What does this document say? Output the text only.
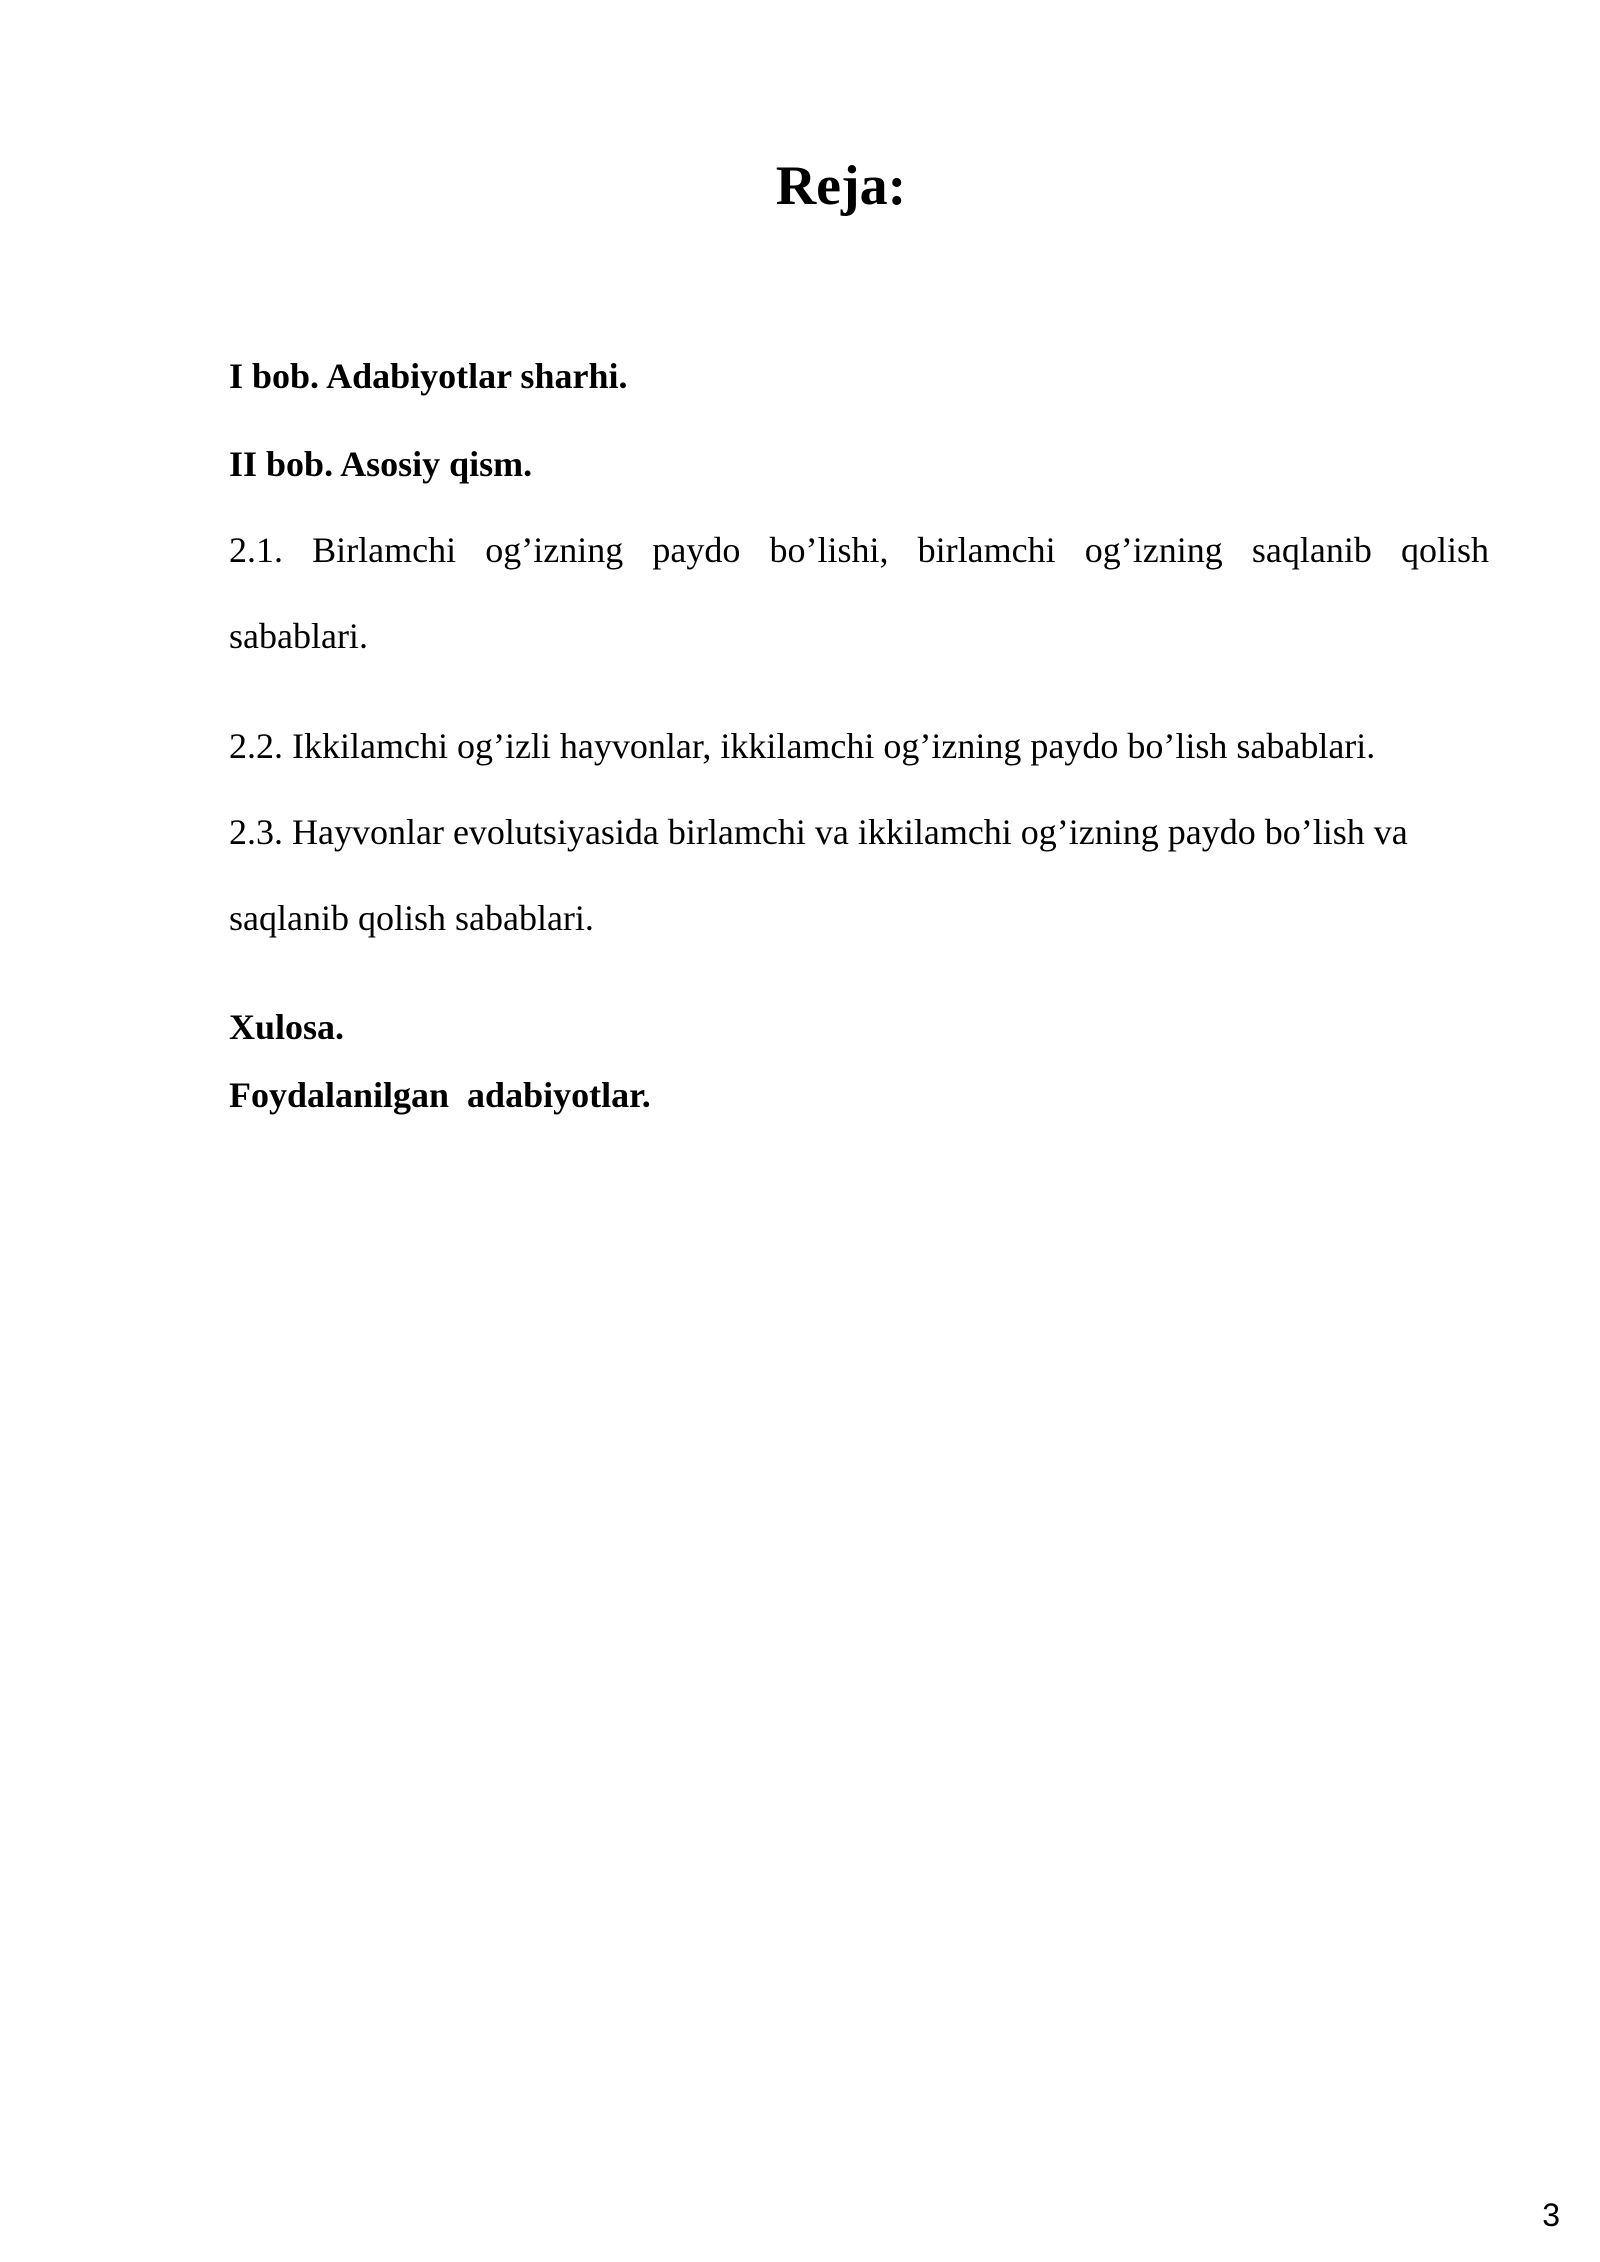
Reja:

I bob. Adabiyotlar sharhi.

II bob. Asosiy qism.

2.1. Birlamchi og’izning paydo bo’lishi, birlamchi og’izning saqlanib qolish

sabablari.

2.2. Ikkilamchi og’izli hayvonlar, ikkilamchi og’izning paydo bo’lish sabablari.

2.3. Hayvonlar evolutsiyasida birlamchi va ikkilamchi og’izning paydo bo’lish va

saqlanib qolish sabablari.

Xulosa.

Foydalanilgan  adabiyotlar.

3
